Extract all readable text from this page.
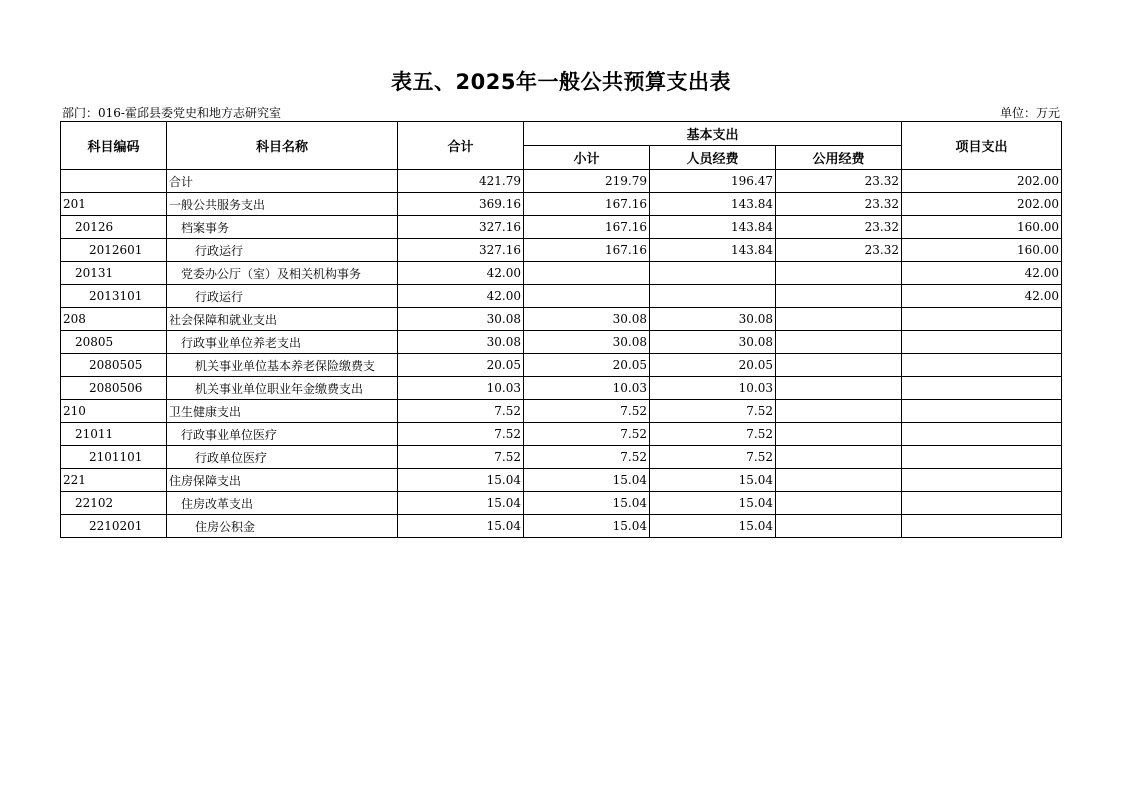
表五、2025年一般公共预算支出表
部门：016-霍邱县委党史和地方志研究室	单位：万元
科目编码	科目名称	合计	基本支出			项目支出
			小计	人员经费	公用经费	
	合计	421.79	219.79	196.47	23.32	202.00
201	一般公共服务支出	369.16	167.16	143.84	23.32	202.00
20126	档案事务	327.16	167.16	143.84	23.32	160.00
2012601	行政运行	327.16	167.16	143.84	23.32	160.00
20131	党委办公厅（室）及相关机构事务	42.00				42.00
2013101	行政运行	42.00				42.00
208	社会保障和就业支出	30.08	30.08	30.08		
20805	行政事业单位养老支出	30.08	30.08	30.08		
2080505	机关事业单位基本养老保险缴费支	20.05	20.05	20.05		
2080506	机关事业单位职业年金缴费支出	10.03	10.03	10.03		
210	卫生健康支出	7.52	7.52	7.52		
21011	行政事业单位医疗	7.52	7.52	7.52		
2101101	行政单位医疗	7.52	7.52	7.52		
221	住房保障支出	15.04	15.04	15.04		
22102	住房改革支出	15.04	15.04	15.04		
2210201	住房公积金	15.04	15.04	15.04		
